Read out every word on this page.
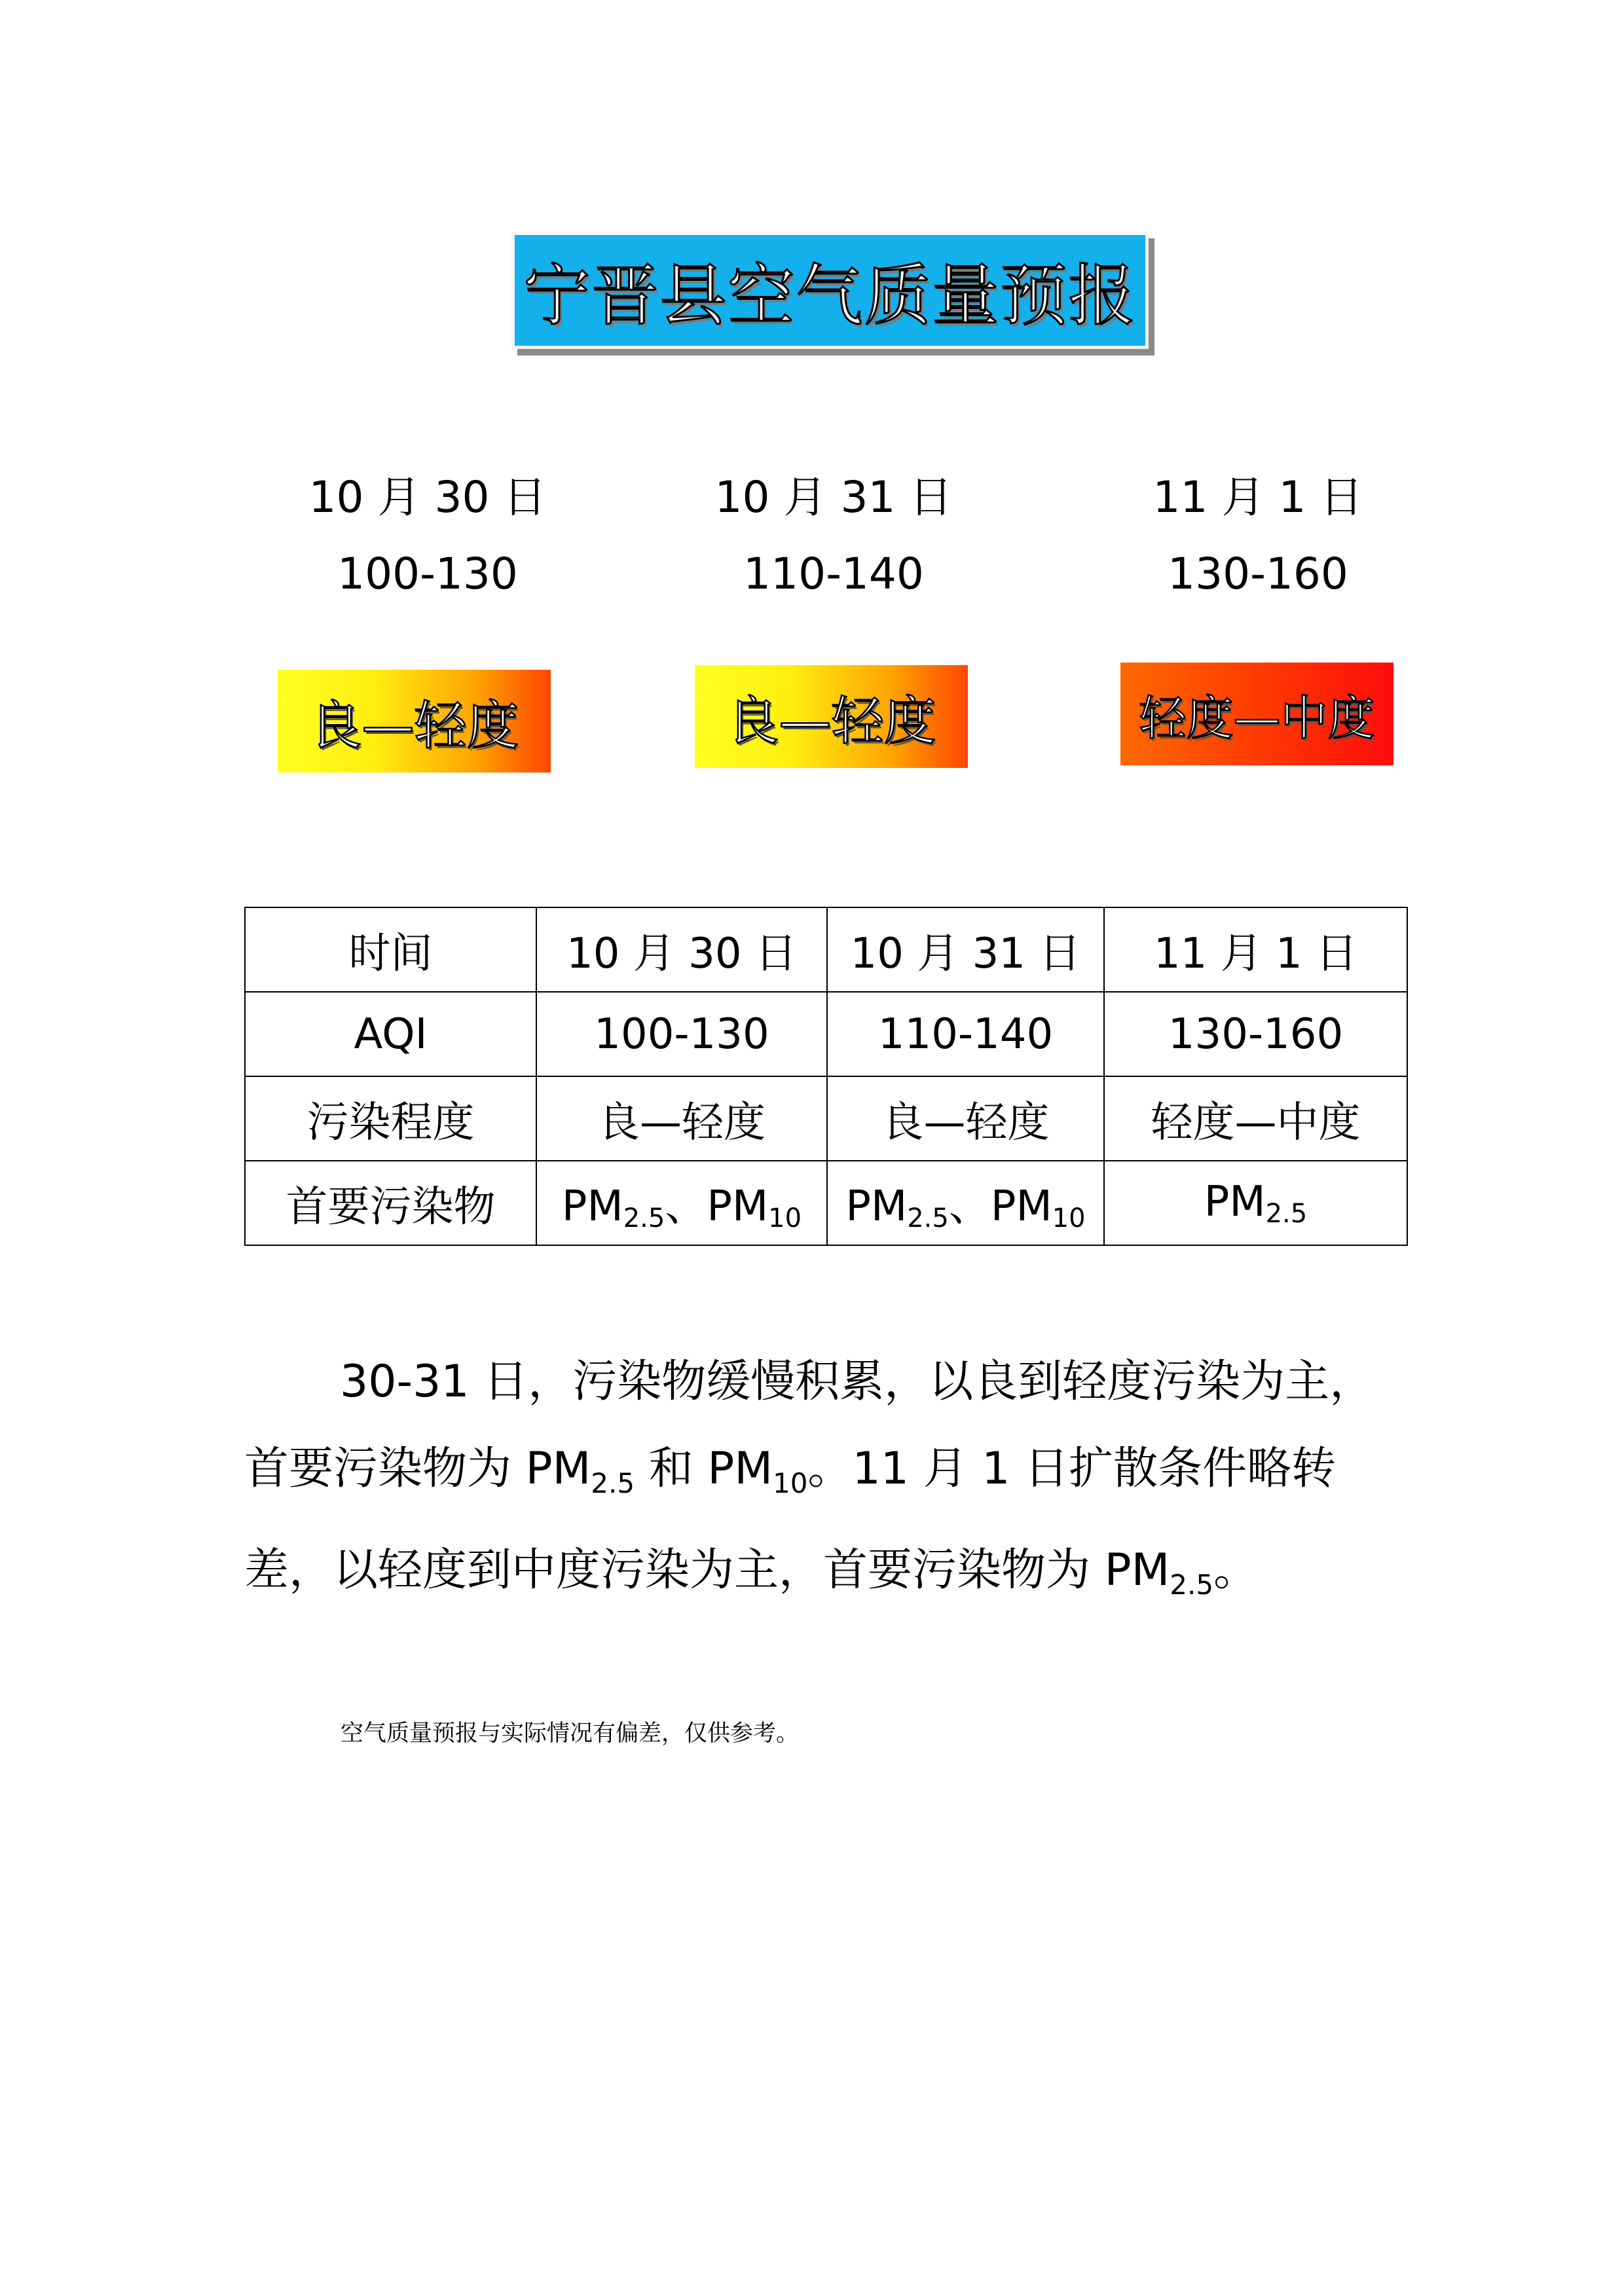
宁晋县空气质量预报
10 月 30 日
100-130
良—轻度
10 月 31 日
110-140
良—轻度
11 月 1 日
130-160
轻度—中度
时间	10 月 30 日	10 月 31 日	11 月 1 日
AQI	100-130	110-140	130-160
污染程度	良—轻度	良—轻度	轻度—中度
首要污染物	$PM_{2.5}$、$PM_{10}$	$PM_{2.5}$、$PM_{10}$	$PM_{2.5}$
30-31 日，污染物缓慢积累，以良到轻度污染为主，首要污染物为 $PM_{2.5}$ 和 $PM_{10}$。11 月 1 日扩散条件略转差，以轻度到中度污染为主，首要污染物为 $PM_{2.5}$。
空气质量预报与实际情况有偏差，仅供参考。
